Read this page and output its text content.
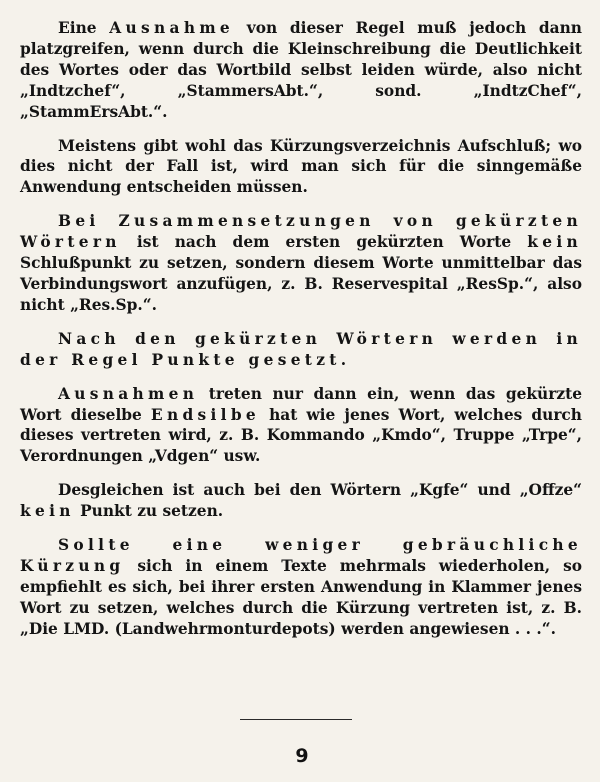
Eine Ausnahme von dieser Regel muß jedoch dann platzgreifen, wenn durch die Kleinschreibung die Deutlichkeit des Wortes oder das Wortbild selbst leiden würde, also nicht „Indtzchef“, „StammersAbt.“, sond. „IndtzChef“, „StammErsAbt.“.

Meistens gibt wohl das Kürzungsverzeichnis Aufschluß; wo dies nicht der Fall ist, wird man sich für die sinngemäße Anwendung entscheiden müssen.

Bei Zusammensetzungen von gekürzten Wörtern ist nach dem ersten gekürzten Worte kein Schlußpunkt zu setzen, sondern diesem Worte unmittelbar das Verbindungswort anzufügen, z. B. Reservespital „ResSp.“, also nicht „Res.Sp.“.

Nach den gekürzten Wörtern werden in der Regel Punkte gesetzt.

Ausnahmen treten nur dann ein, wenn das gekürzte Wort dieselbe Endsilbe hat wie jenes Wort, welches durch dieses vertreten wird, z. B. Kommando „Kmdo“, Truppe „Trpe“, Verordnungen „Vdgen“ usw.

Desgleichen ist auch bei den Wörtern „Kgfe“ und „Offze“ kein Punkt zu setzen.

Sollte eine weniger gebräuchliche Kürzung sich in einem Texte mehrmals wiederholen, so empfiehlt es sich, bei ihrer ersten Anwendung in Klammer jenes Wort zu setzen, welches durch die Kürzung vertreten ist, z. B. „Die LMD. (Landwehrmonturdepots) werden angewiesen . . .“.

9
